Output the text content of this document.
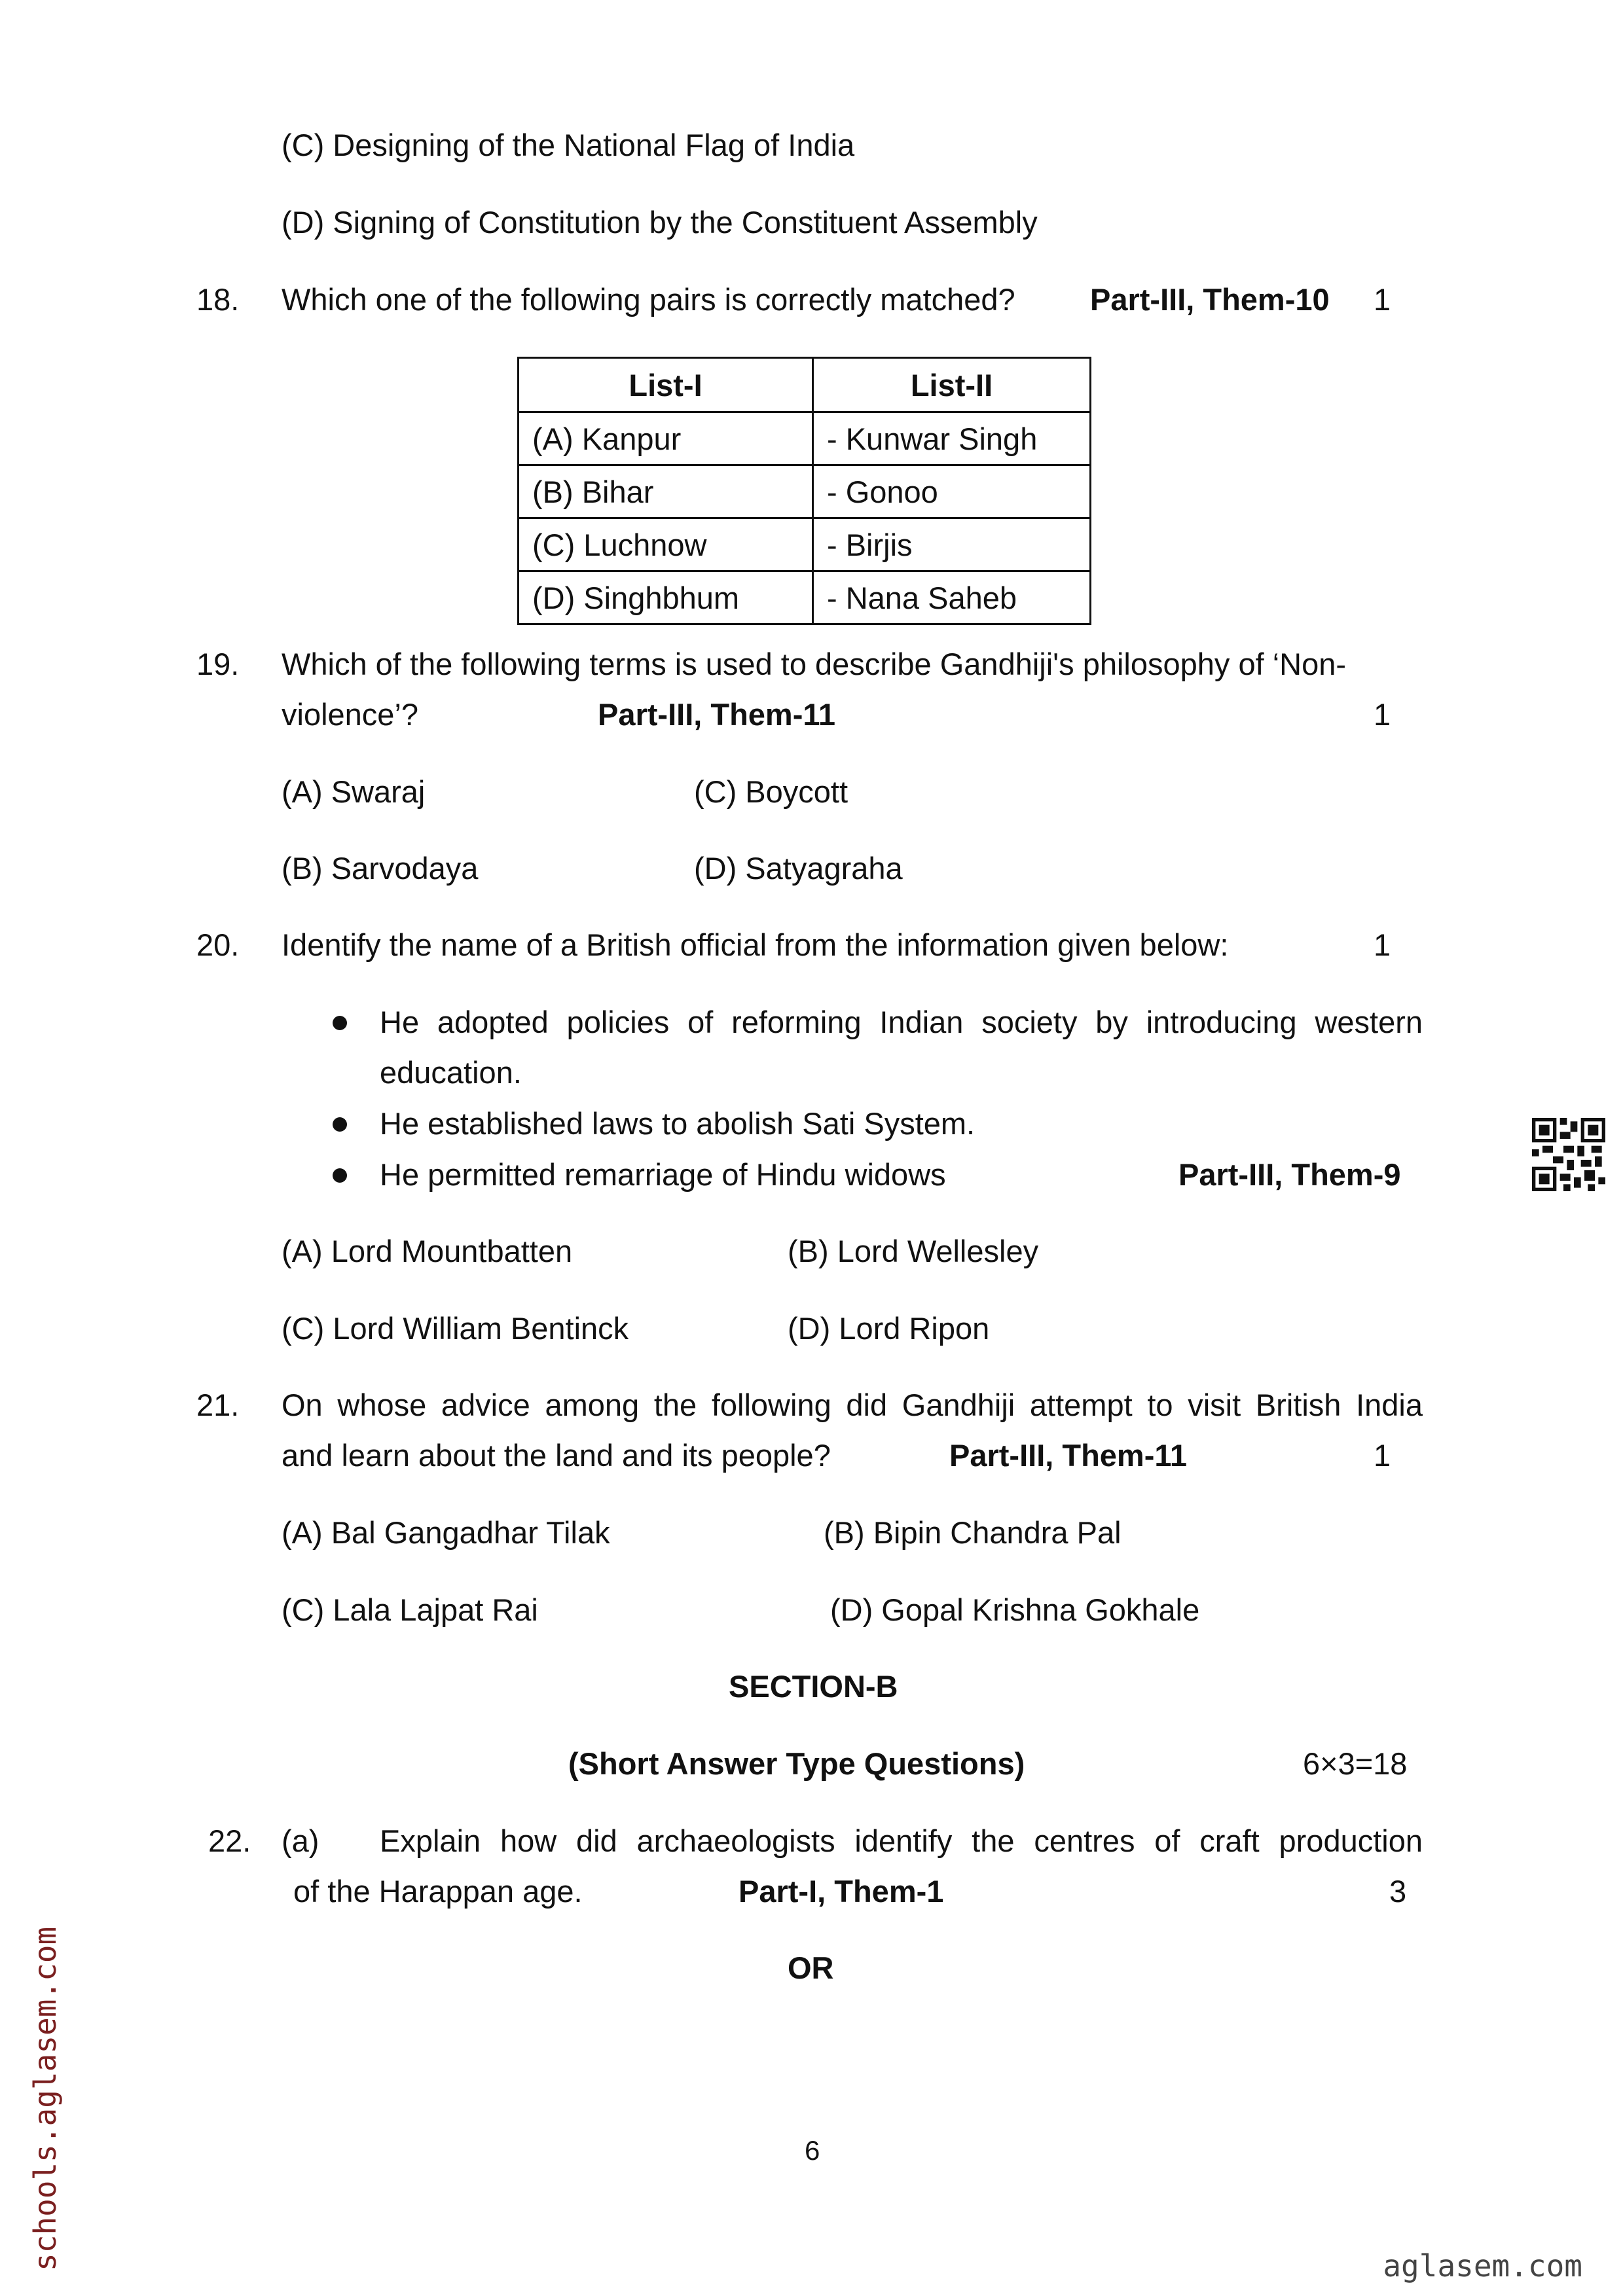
(C) Designing of the National Flag of India
(D) Signing of Constitution by the Constituent Assembly
18. Which one of the following pairs is correctly matched? Part-III, Them-10 1
List-I	List-II
(A) Kanpur	- Kunwar Singh
(B) Bihar	- Gonoo
(C) Luchnow	- Birjis
(D) Singhbhum	- Nana Saheb
19. Which of the following terms is used to describe Gandhiji's philosophy of ‘Non-
violence’?	Part-III, Them-11	1
(A) Swaraj	(C) Boycott
(B) Sarvodaya	(D) Satyagraha
20. Identify the name of a British official from the information given below:	1
He adopted policies of reforming Indian society by introducing western
education.
He established laws to abolish Sati System.
He permitted remarriage of Hindu widows	Part-III, Them-9
(A) Lord Mountbatten	(B) Lord Wellesley
(C) Lord William Bentinck	(D) Lord Ripon
21. On whose advice among the following did Gandhiji attempt to visit British India
and learn about the land and its people?	Part-III, Them-11	1
(A) Bal Gangadhar Tilak	(B) Bipin Chandra Pal
(C) Lala Lajpat Rai	(D) Gopal Krishna Gokhale
SECTION-B
(Short Answer Type Questions)	6×3=18
22. (a) Explain how did archaeologists identify the centres of craft production
of the Harappan age.	Part-I, Them-1	3
OR
6
schools.aglasem.com	aglasem.com
